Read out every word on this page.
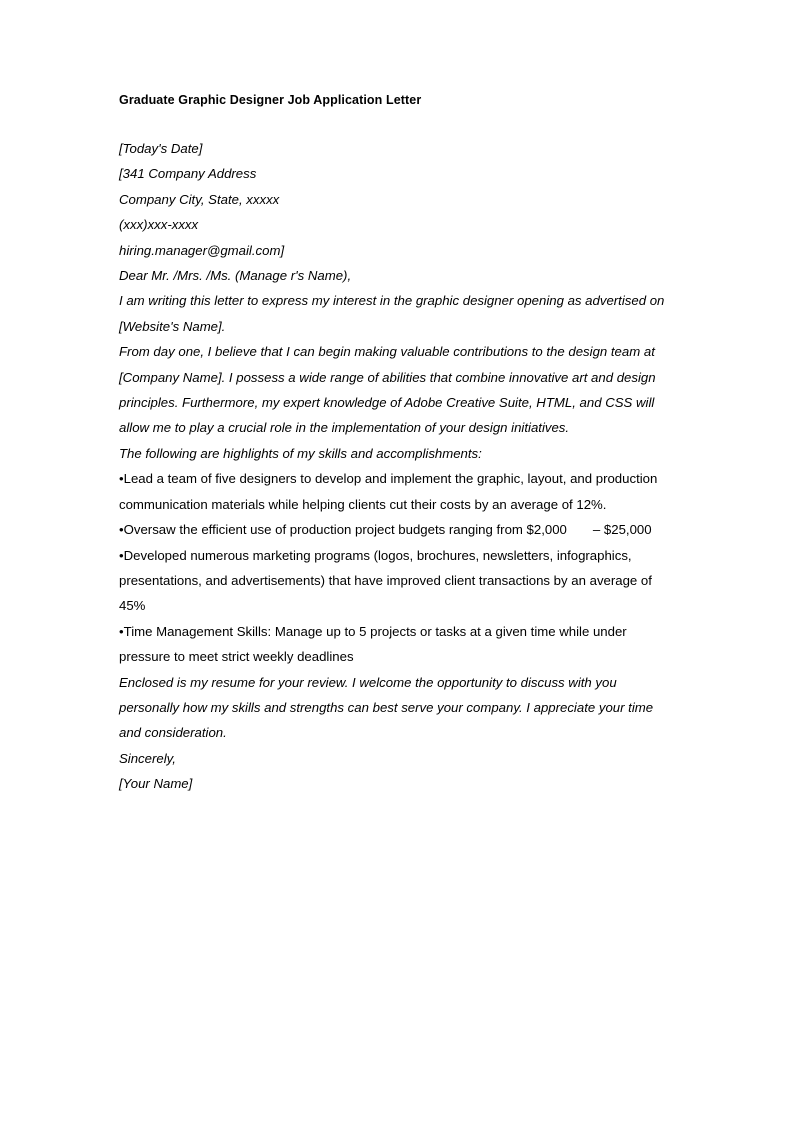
Graduate Graphic Designer Job Application Letter
[Today's Date]
[341 Company Address
Company City, State, xxxxx
(xxx)xxx-xxxx
hiring.manager@gmail.com]
Dear Mr. /Mrs. /Ms. (Manage r's Name),

I am writing this letter to express my interest in the graphic designer opening as advertised on [Website's Name].

From day one, I believe that I can begin making valuable contributions to the design team at [Company Name]. I possess a wide range of abilities that combine innovative art and design principles. Furthermore, my expert knowledge of Adobe Creative Suite, HTML, and CSS will allow me to play a crucial role in the implementation of your design initiatives.

The following are highlights of my skills and accomplishments:

•Lead a team of five designers to develop and implement the graphic, layout, and production communication materials while helping clients cut their costs by an average of 12%.

•Oversaw the efficient use of production project budgets ranging from $2,000 – $25,000

•Developed numerous marketing programs (logos, brochures, newsletters, infographics, presentations, and advertisements) that have improved client transactions by an average of 45%

•Time Management Skills: Manage up to 5 projects or tasks at a given time while under pressure to meet strict weekly deadlines

Enclosed is my resume for your review. I welcome the opportunity to discuss with you personally how my skills and strengths can best serve your company. I appreciate your time and consideration.

Sincerely,
[Your Name]
